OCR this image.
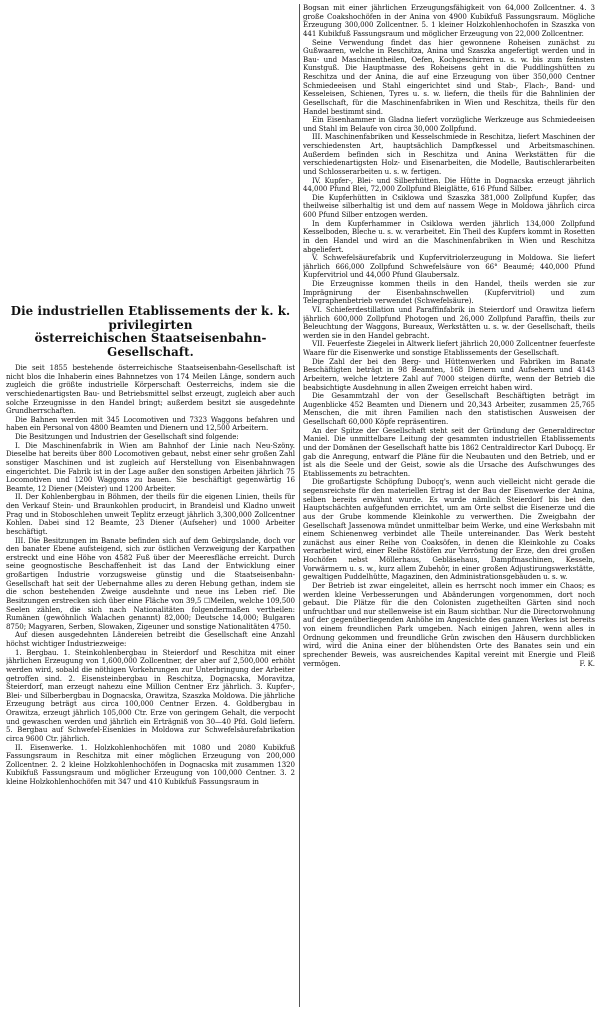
Die industriellen Etablissements der k. k. privilegirten
österreichischen Staatseisenbahn-Gesellschaft.

Die seit 1855 bestehende österreichische Staatseisenbahn-Gesellschaft ist nicht blos die Inhaberin eines Bahnnetzes von 174 Meilen Länge, sondern auch zugleich die größte industrielle Körperschaft Oesterreichs, indem sie die verschiedenartigsten Bau- und Betriebsmittel selbst erzeugt, zugleich aber auch solche Erzeugnisse in den Handel bringt; außerdem besitzt sie ausgedehnte Grundherrschaften.

Die Bahnen werden mit 345 Locomotiven und 7323 Waggons befahren und haben ein Personal von 4800 Beamten und Dienern und 12,500 Arbeitern.

Die Besitzungen und Industrien der Gesellschaft sind folgende:

I. Die Maschinenfabrik in Wien am Bahnhof der Linie nach Neu-Szöny. Dieselbe hat bereits über 800 Locomotiven gebaut, nebst einer sehr großen Zahl sonstiger Maschinen und ist zugleich auf Herstellung von Eisenbahnwagen eingerichtet. Die Fabrik ist in der Lage außer den sonstigen Arbeiten jährlich 75 Locomotiven und 1200 Waggons zu bauen. Sie beschäftigt gegenwärtig 16 Beamte, 12 Diener (Meister) und 1200 Arbeiter.

II. Der Kohlenbergbau in Böhmen, der theils für die eigenen Linien, theils für den Verkauf Stein- und Braunkohlen producirt, in Brandeisl und Kladno unweit Prag und in Stoboschlehen unweit Teplitz erzeugt jährlich 3,300,000 Zollcentner Kohlen. Dabei sind 12 Beamte, 23 Diener (Aufseher) und 1000 Arbeiter beschäftigt.

III. Die Besitzungen im Banate befinden sich auf dem Gebirgslande, doch vor den banater Ebene aufsteigend, sich zur östlichen Verzweigung der Karpathen erstreckt und eine Höhe von 4582 Fuß über der Meeresfläche erreicht. Durch seine geognostische Beschaffenheit ist das Land der Entwicklung einer großartigen Industrie vorzugsweise günstig und die Staatseisenbahn-Gesellschaft hat seit der Uebernahme alles zu deren Hebung gethan, indem sie die schon bestehenden Zweige ausdehnte und neue ins Leben rief. Die Besitzungen erstrecken sich über eine Fläche von 39,5 ☐Meilen, welche 109,500 Seelen zählen, die sich nach Nationalitäten folgendermaßen vertheilen: Rumänen (gewöhnlich Walachen genannt) 82,000; Deutsche 14,000; Bulgaren 8750; Magyaren, Serben, Slowaken, Zigeuner und sonstige Nationalitäten 4750.

Auf diesen ausgedehnten Ländereien betreibt die Gesellschaft eine Anzahl höchst wichtiger Industriezweige:

1. Bergbau. 1. Steinkohlenbergbau in Steierdorf und Reschitza mit einer jährlichen Erzeugung von 1,600,000 Zollcentner, der aber auf 2,500,000 erhöht werden wird, sobald die nöthigen Vorkehrungen zur Unterbringung der Arbeiter getroffen sind. 2. Eisensteinbergbau in Reschitza, Dognacska, Moravitza, Steierdorf, man erzeugt nahezu eine Million Centner Erz jährlich. 3. Kupfer-, Blei- und Silberbergbau in Dognacska, Orawitza, Szaszka Moldowa. Die jährliche Erzeugung beträgt aus circa 100,000 Centner Erzen. 4. Goldbergbau in Orawitza, erzeugt jährlich 105,000 Ctr. Erze von geringem Gehalt, die verpocht und gewaschen werden und jährlich ein Erträgniß von 30—40 Pfd. Gold liefern. 5. Bergbau auf Schwefel-Eisenkies in Moldowa zur Schwefelsäurefabrikation circa 9600 Ctr. jährlich.

II. Eisenwerke. 1. Holzkohlenhochöfen mit 1080 und 2080 Kubikfuß Fassungsraum in Reschitza mit einer möglichen Erzeugung von 200,000 Zollcentner. 2. 2 kleine Holzkohlenhochöfen in Dognacska mit zusammen 1320 Kubikfuß Fassungsraum und möglicher Erzeugung von 100,000 Centner. 3. 2 kleine Holzkohlenhochöfen mit 347 und 410 Kubikfuß Fassungsraum in

Bogsan mit einer jährlichen Erzeugungsfähigkeit von 64,000 Zollcentner. 4. 3 große Coakshochöfen in der Anina von 4900 Kubikfuß Fassungsraum. Mögliche Erzeugung 300,000 Zollcentner. 5. 1 kleiner Holzkohlenhochofen in Szaszka von 441 Kubikfuß Fassungsraum und möglicher Erzeugung von 22,000 Zollcentner.

Seine Verwendung findet das hier gewonnene Roheisen zunächst zu Gußwaaren, welche in Reschitza, Anina und Szaszka angefertigt werden und in Bau- und Maschinentheilen, Oefen, Kochgeschirren u. s. w. bis zum feinsten Kunstguß. Die Hauptmasse des Roheisens geht in die Puddlingshütten zu Reschitza und der Anina, die auf eine Erzeugung von über 350,000 Centner Schmiedeeisen und Stahl eingerichtet sind und Stab-, Flach-, Band- und Kesseleisen, Schienen, Tyres u. s. w. liefern, die theils für die Bahnlinien der Gesellschaft, für die Maschinenfabriken in Wien und Reschitza, theils für den Handel bestimmt sind.

Ein Eisenhammer in Gladna liefert vorzügliche Werkzeuge aus Schmiedeeisen und Stahl im Belaufe von circa 30,000 Zollpfund.

III. Maschinenfabriken und Kesselschmiede in Reschitza, liefert Maschinen der verschiedensten Art, hauptsächlich Dampfkessel und Arbeitsmaschinen. Außerdem befinden sich in Reschitza und Anina Werkstätten für die verschiedenartigsten Holz- und Eisenarbeiten, die Modelle, Bautischlerarbeiten und Schlosserarbeiten u. s. w. fertigen.

IV. Kupfer-, Blei- und Silberhütten. Die Hütte in Dognacska erzeugt jährlich 44,000 Pfund Blei, 72,000 Zollpfund Bleiglätte, 616 Pfund Silber.

Die Kupferhütten in Csiklowa und Szaszka 381,000 Zollpfund Kupfer, das theilweise silberhaltig ist und dem auf nassem Wege in Moldowa jährlich circa 600 Pfund Silber entzogen werden.

In dem Kupferhammer in Csiklowa werden jährlich 134,000 Zollpfund Kesselboden, Bleche u. s. w. verarbeitet. Ein Theil des Kupfers kommt in Rosetten in den Handel und wird an die Maschinenfabriken in Wien und Reschitza abgeliefert.

V. Schwefelsäurefabrik und Kupfervitriolerzeugung in Moldowa. Sie liefert jährlich 666,000 Zollpfund Schwefelsäure von 66° Beaumé; 440,000 Pfund Kupfervitriol und 44,000 Pfund Glaubersalz.

Die Erzeugnisse kommen theils in den Handel, theils werden sie zur Imprägnirung der Eisenbahnschwellen (Kupfervitriol) und zum Telegraphenbetrieb verwendet (Schwefelsäure).

VI. Schieferdestillation und Paraffinfabrik in Steierdorf und Orawitza liefern jährlich 600,000 Zollpfund Photogen und 26,000 Zollpfund Paraffin, theils zur Beleuchtung der Waggons, Bureaux, Werkstätten u. s. w. der Gesellschaft, theils werden sie in den Handel gebracht.

VII. Feuerfeste Ziegelei in Altwerk liefert jährlich 20,000 Zollcentner feuerfeste Waare für die Eisenwerke und sonstige Etablissements der Gesellschaft.

Die Zahl der bei den Berg- und Hüttenwerken und Fabriken im Banate Beschäftigten beträgt in 98 Beamten, 168 Dienern und Aufsehern und 4143 Arbeitern, welche letztere Zahl auf 7000 steigen dürfte, wenn der Betrieb die beabsichtigte Ausdehnung in allen Zweigen erreicht haben wird.

Die Gesammtzahl der von der Gesellschaft Beschäftigten beträgt im Augenblicke 452 Beamten und Dienern und 20,343 Arbeiter, zusammen 25,765 Menschen, die mit ihren Familien nach den statistischen Ausweisen der Gesellschaft 60,000 Köpfe repräsentiren.

An der Spitze der Gesellschaft steht seit der Gründung der Generaldirector Maniel. Die unmittelbare Leitung der gesammten industriellen Etablissements und der Domänen der Gesellschaft hatte bis 1862 Centraldirector Karl Duboçq. Er gab die Anregung, entwarf die Pläne für die Neubauten und den Betrieb, und er ist als die Seele und der Geist, sowie als die Ursache des Aufschwunges des Etablissements zu betrachten.

Die großartigste Schöpfung Duboçq's, wenn auch vielleicht nicht gerade die segensreichste für den materiellen Ertrag ist der Bau der Eisenwerke der Anina, selben bereits erwähnt wurde. Es wurde nämlich Steierdorf bis bei den Hauptschächten aufgefunden errichtet, um am Orte selbst die Eisenerze und die aus der Grube kommende Kleinkohle zu verwerthen. Die Zweigbahn der Gesellschaft Jassenowa mündet unmittelbar beim Werke, und eine Werksbahn mit einem Schienenweg verbindet alle Theile untereinander. Das Werk besteht zunächst aus einer Reihe von Coaksöfen, in denen die Kleinkohle zu Coaks verarbeitet wird, einer Reihe Röstöfen zur Verröstung der Erze, den drei großen Hochöfen nebst Möllerhaus, Gebläsehaus, Dampfmaschinen, Kesseln, Vorwärmern u. s. w., kurz allem Zubehör, in einer großen Adjustirungswerkstätte, gewaltigen Puddelhütte, Magazinen, den Administrationsgebäuden u. s. w.

Der Betrieb ist zwar eingeleitet, allein es herrscht noch immer ein Chaos; es werden kleine Verbesserungen und Abänderungen vorgenommen, dort noch gebaut. Die Plätze für die den Colonisten zugetheilten Gärten sind noch unfruchtbar und nur stellenweise ist ein Baum sichtbar. Nur die Directorwohnung auf der gegenüberliegenden Anhöhe im Angesichte des ganzen Werkes ist bereits von einem freundlichen Park umgeben. Nach einigen Jahren, wenn alles in Ordnung gekommen und freundliche Grün zwischen den Häusern durchblicken wird, wird die Anina einer der blühendsten Orte des Banates sein und ein sprechender Beweis, was ausreichendes Kapital vereint mit Energie und Fleiß vermögen.	F. K.
